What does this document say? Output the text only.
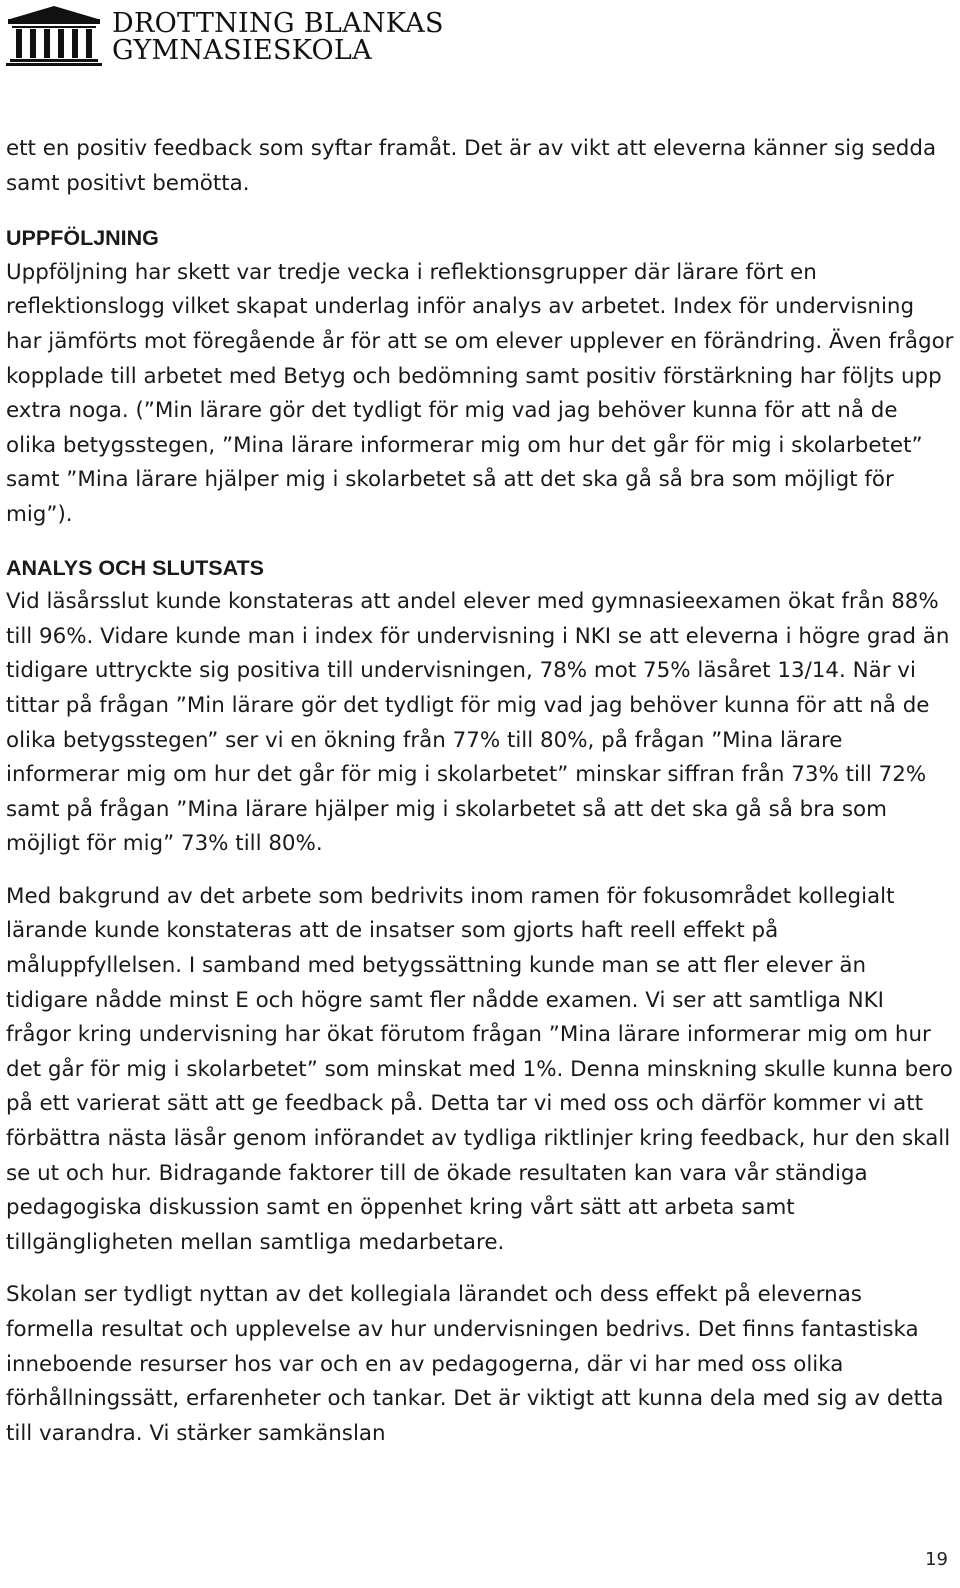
DROTTNING BLANKAS
GYMNASIESKOLA

ett en positiv feedback som syftar framåt. Det är av vikt att eleverna känner sig sedda samt positivt bemötta.

UPPFÖLJNING

Uppföljning har skett var tredje vecka i reflektionsgrupper där lärare fört en reflektionslogg vilket skapat underlag inför analys av arbetet. Index för undervisning har jämförts mot föregående år för att se om elever upplever en förändring. Även frågor kopplade till arbetet med Betyg och bedömning samt positiv förstärkning har följts upp extra noga. (”Min lärare gör det tydligt för mig vad jag behöver kunna för att nå de olika betygsstegen, ”Mina lärare informerar mig om hur det går för mig i skolarbetet” samt ”Mina lärare hjälper mig i skolarbetet så att det ska gå så bra som möjligt för mig”).

ANALYS OCH SLUTSATS

Vid läsårsslut kunde konstateras att andel elever med gymnasieexamen ökat från 88% till 96%. Vidare kunde man i index för undervisning i NKI se att eleverna i högre grad än tidigare uttryckte sig positiva till undervisningen, 78% mot 75% läsåret 13/14. När vi tittar på frågan ”Min lärare gör det tydligt för mig vad jag behöver kunna för att nå de olika betygsstegen” ser vi en ökning från 77% till 80%, på frågan ”Mina lärare informerar mig om hur det går för mig i skolarbetet” minskar siffran från 73% till 72% samt på frågan ”Mina lärare hjälper mig i skolarbetet så att det ska gå så bra som möjligt för mig” 73% till 80%.

Med bakgrund av det arbete som bedrivits inom ramen för fokusområdet kollegialt lärande kunde konstateras att de insatser som gjorts haft reell effekt på måluppfyllelsen. I samband med betygssättning kunde man se att fler elever än tidigare nådde minst E och högre samt fler nådde examen. Vi ser att samtliga NKI frågor kring undervisning har ökat förutom frågan ”Mina lärare informerar mig om hur det går för mig i skolarbetet” som minskat med 1%. Denna minskning skulle kunna bero på ett varierat sätt att ge feedback på. Detta tar vi med oss och därför kommer vi att förbättra nästa läsår genom införandet av tydliga riktlinjer kring feedback, hur den skall se ut och hur. Bidragande faktorer till de ökade resultaten kan vara vår ständiga pedagogiska diskussion samt en öppenhet kring vårt sätt att arbeta samt tillgängligheten mellan samtliga medarbetare.

Skolan ser tydligt nyttan av det kollegiala lärandet och dess effekt på elevernas formella resultat och upplevelse av hur undervisningen bedrivs. Det finns fantastiska inneboende resurser hos var och en av pedagogerna, där vi har med oss olika förhållningssätt, erfarenheter och tankar. Det är viktigt att kunna dela med sig av detta till varandra. Vi stärker samkänslan

19
